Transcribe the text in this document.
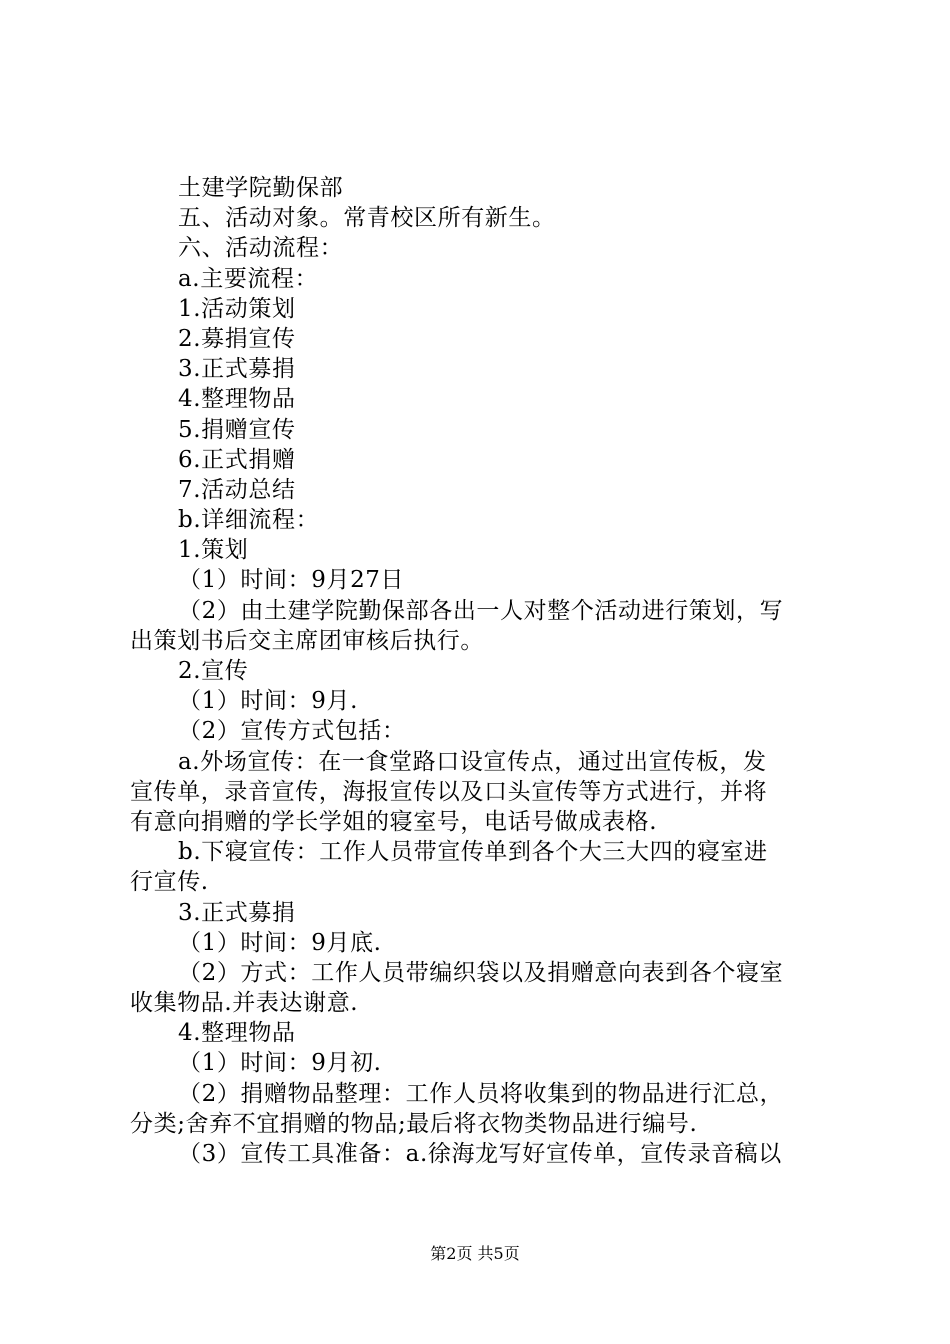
土建学院勤保部
五、活动对象。常青校区所有新生。
六、活动流程：
a.主要流程：
1.活动策划
2.募捐宣传
3.正式募捐
4.整理物品
5.捐赠宣传
6.正式捐赠
7.活动总结
b.详细流程：
1.策划
（1）时间：9月27日
（2）由土建学院勤保部各出一人对整个活动进行策划，写
出策划书后交主席团审核后执行。
2.宣传
（1）时间：9月.
（2）宣传方式包括：
a.外场宣传：在一食堂路口设宣传点，通过出宣传板，发
宣传单，录音宣传，海报宣传以及口头宣传等方式进行，并将
有意向捐赠的学长学姐的寝室号，电话号做成表格.
b.下寝宣传：工作人员带宣传单到各个大三大四的寝室进
行宣传.
3.正式募捐
（1）时间：9月底.
（2）方式：工作人员带编织袋以及捐赠意向表到各个寝室
收集物品.并表达谢意.
4.整理物品
（1）时间：9月初.
（2）捐赠物品整理：工作人员将收集到的物品进行汇总，
分类;舍弃不宜捐赠的物品;最后将衣物类物品进行编号.
（3）宣传工具准备：a.徐海龙写好宣传单，宣传录音稿以
第2页 共5页
